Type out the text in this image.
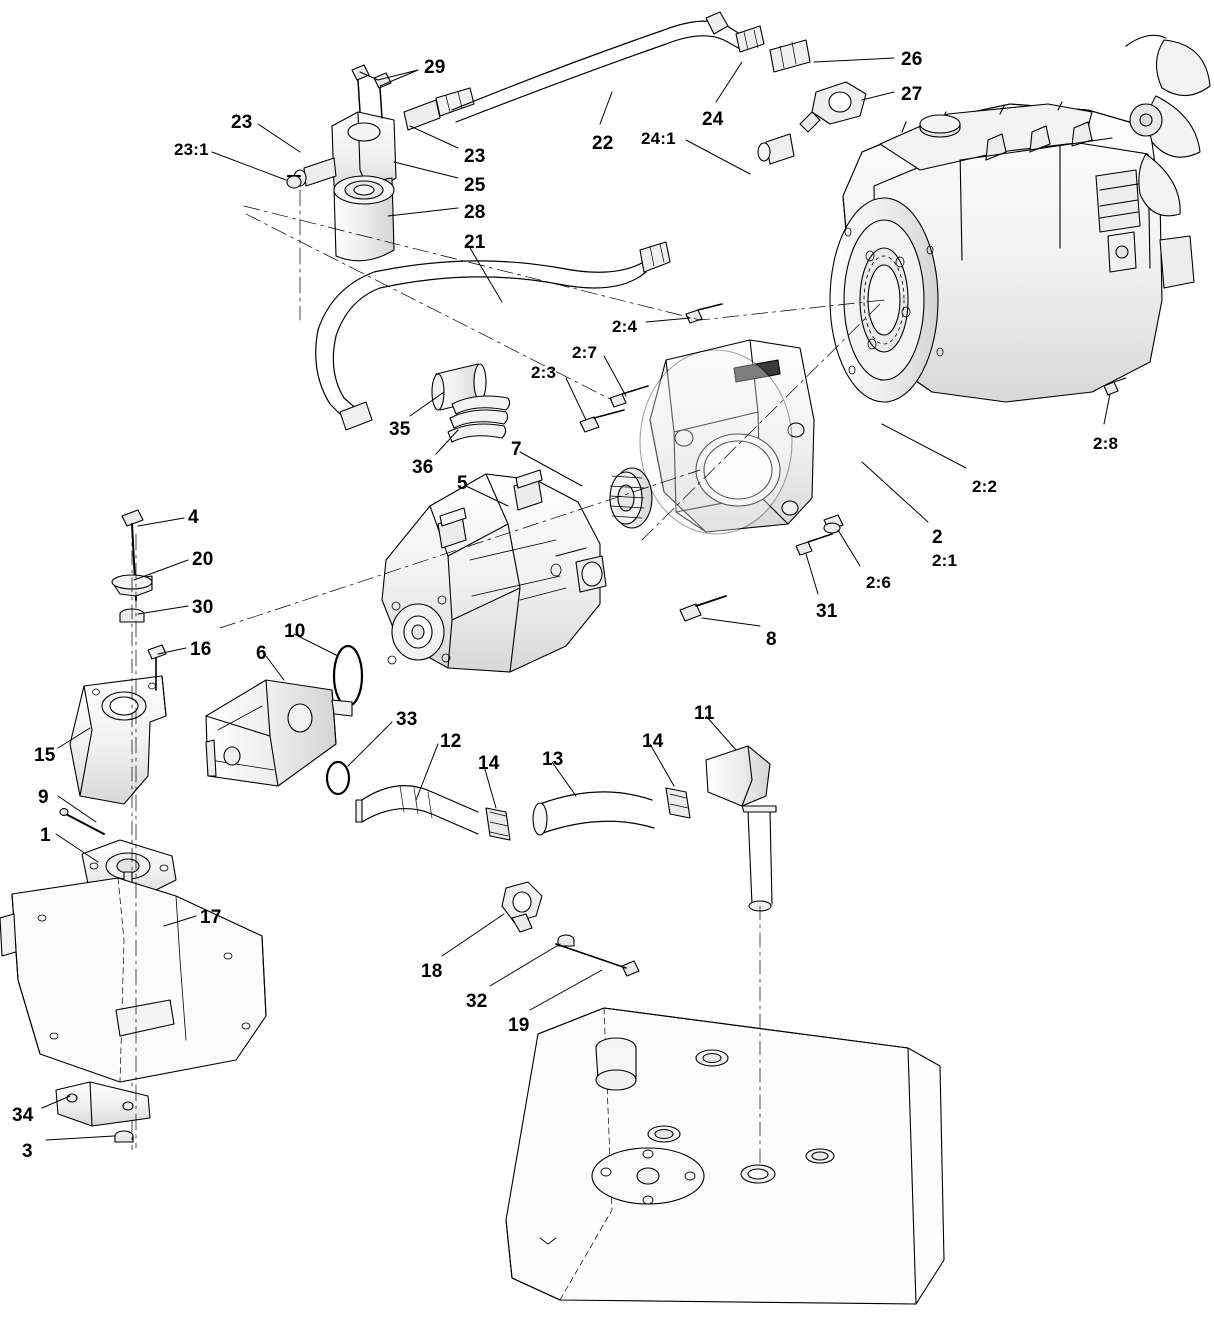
29
23
23:1	23
25
28
21
22
26
27
24
24:1
2:8
2:2
2
2:1
2:4
2:7
2:3
2:6
31
7
5
35
36
8
4
20
30
16
10
6
15
9
1
17
34
3
33
12
14 13
14
11
18
32
19
